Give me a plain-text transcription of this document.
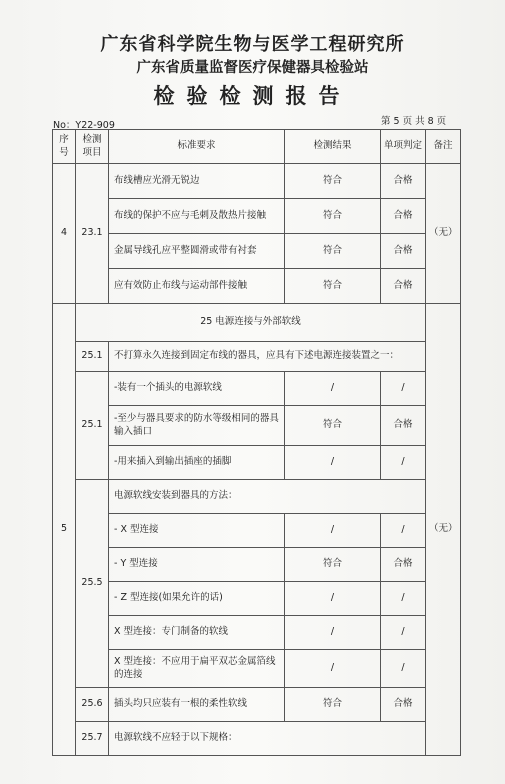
广东省科学院生物与医学工程研究所
广东省质量监督医疗保健器具检验站
检验检测报告
No：Y22-909	第 5 页 共 8 页
序号	检测项目	标准要求	检测结果	单项判定	备注
4	23.1	布线槽应光滑无锐边	符合	合格	（无）
		布线的保护不应与毛刺及散热片接触	符合	合格	
		金属导线孔应平整圆滑或带有衬套	符合	合格	
		应有效防止布线与运动部件接触	符合	合格	
5	25 电源连接与外部软线				（无）
	25.1	不打算永久连接到固定布线的器具，应具有下述电源连接装置之一：			
	25.1	-装有一个插头的电源软线	/	/	
		-至少与器具要求的防水等级相同的器具输入插口	符合	合格	
		-用来插入到输出插座的插脚	/	/	
	25.5	电源软线安装到器具的方法：			
		- X 型连接	/	/	
		- Y 型连接	符合	合格	
		- Z 型连接(如果允许的话)	/	/	
		X 型连接：专门制备的软线	/	/	
		X 型连接：不应用于扁平双芯金属箔线的连接	/	/	
	25.6	插头均只应装有一根的柔性软线	符合	合格	
	25.7	电源软线不应轻于以下规格：			
